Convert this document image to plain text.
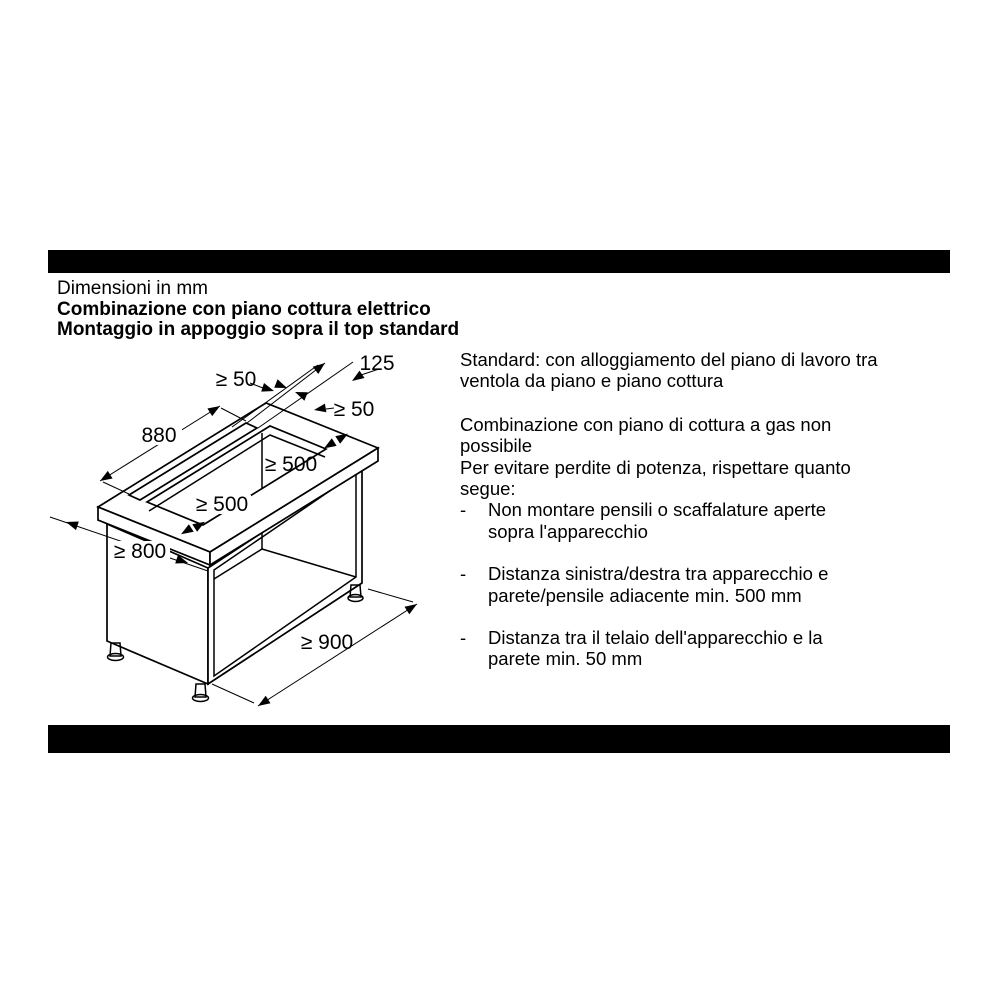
Dimensioni in mm
Combinazione con piano cottura elettrico
Montaggio in appoggio sopra il top standard
880
125
≥ 50
≥ 50
≥ 500
≥ 500
≥ 800
≥ 900

Standard: con alloggiamento del piano di lavoro tra ventola da piano e piano cottura

Combinazione con piano di cottura a gas non possibile

Per evitare perdite di potenza, rispettare quanto segue:

-	Non montare pensili o scaffalature aperte sopra l'apparecchio
-	Distanza sinistra/destra tra apparecchio e parete/pensile adiacente min. 500 mm
-	Distanza tra il telaio dell'apparecchio e la parete min. 50 mm
